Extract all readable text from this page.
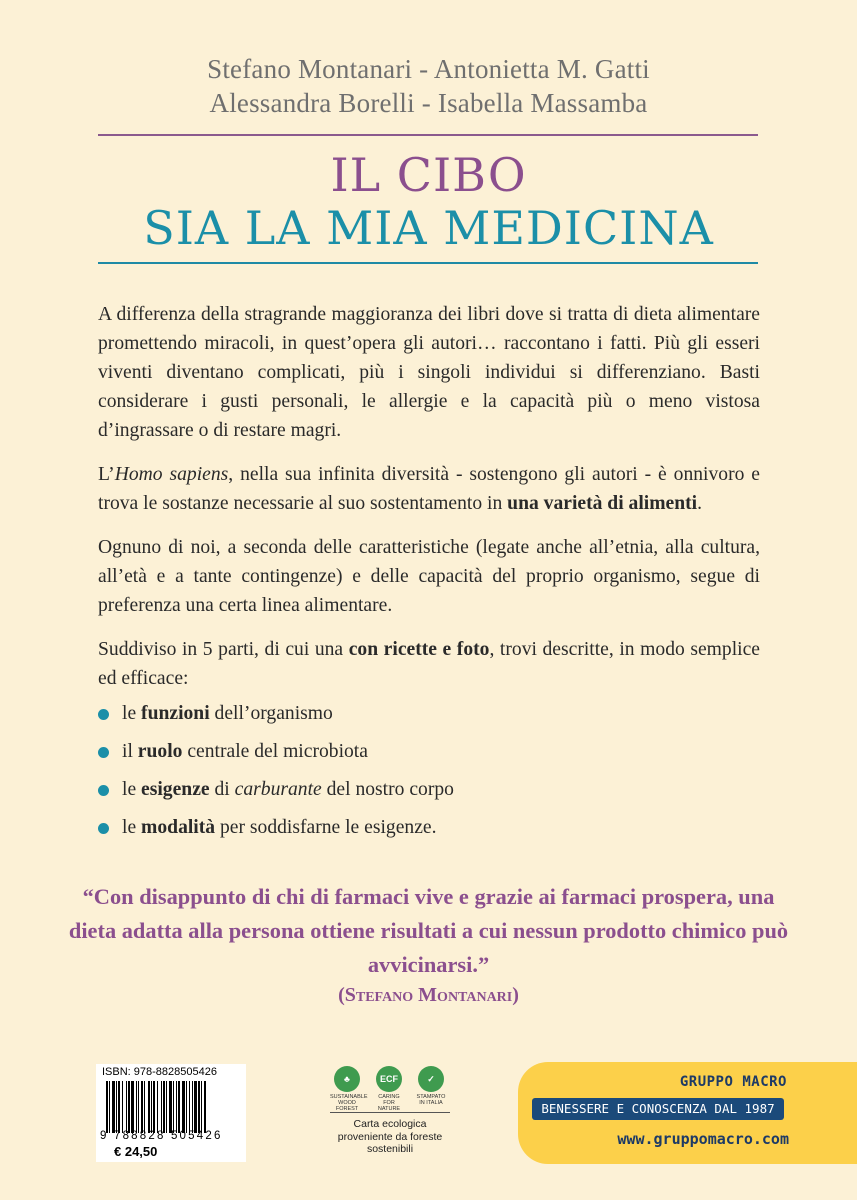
Stefano Montanari - Antonietta M. Gatti
Alessandra Borelli - Isabella Massamba
IL CIBO
SIA LA MIA MEDICINA

A differenza della stragrande maggioranza dei libri dove si tratta di dieta alimentare promettendo miracoli, in quest’opera gli autori… raccontano i fatti. Più gli esseri viventi diventano complicati, più i singoli individui si differenziano. Basti considerare i gusti personali, le allergie e la capacità più o meno vistosa d’ingrassare o di restare magri.

L’Homo sapiens, nella sua infinita diversità - sostengono gli autori - è onnivoro e trova le sostanze necessarie al suo sostentamento in una varietà di alimenti.

Ognuno di noi, a seconda delle caratteristiche (legate anche all’etnia, alla cultura, all’età e a tante contingenze) e delle capacità del proprio organismo, segue di preferenza una certa linea alimentare.

Suddiviso in 5 parti, di cui una con ricette e foto, trovi descritte, in modo semplice ed efficace:

le funzioni dell’organismo
il ruolo centrale del microbiota
le esigenze di carburante del nostro corpo
le modalità per soddisfarne le esigenze.
“Con disappunto di chi di farmaci vive e grazie ai farmaci prospera, una dieta adatta alla persona ottiene risultati a cui nessun prodotto chimico può avvicinarsi.”
(Stefano Montanari)
ISBN: 978-8828505426
9 788828 505426
€ 24,50
♣
SUSTAINABLE WOOD FOREST
ECF
CARING FOR NATURE
✓
STAMPATO IN ITALIA
Carta ecologica proveniente da foreste sostenibili
GRUPPO MACRO
BENESSERE E CONOSCENZA DAL 1987
www.gruppomacro.com
